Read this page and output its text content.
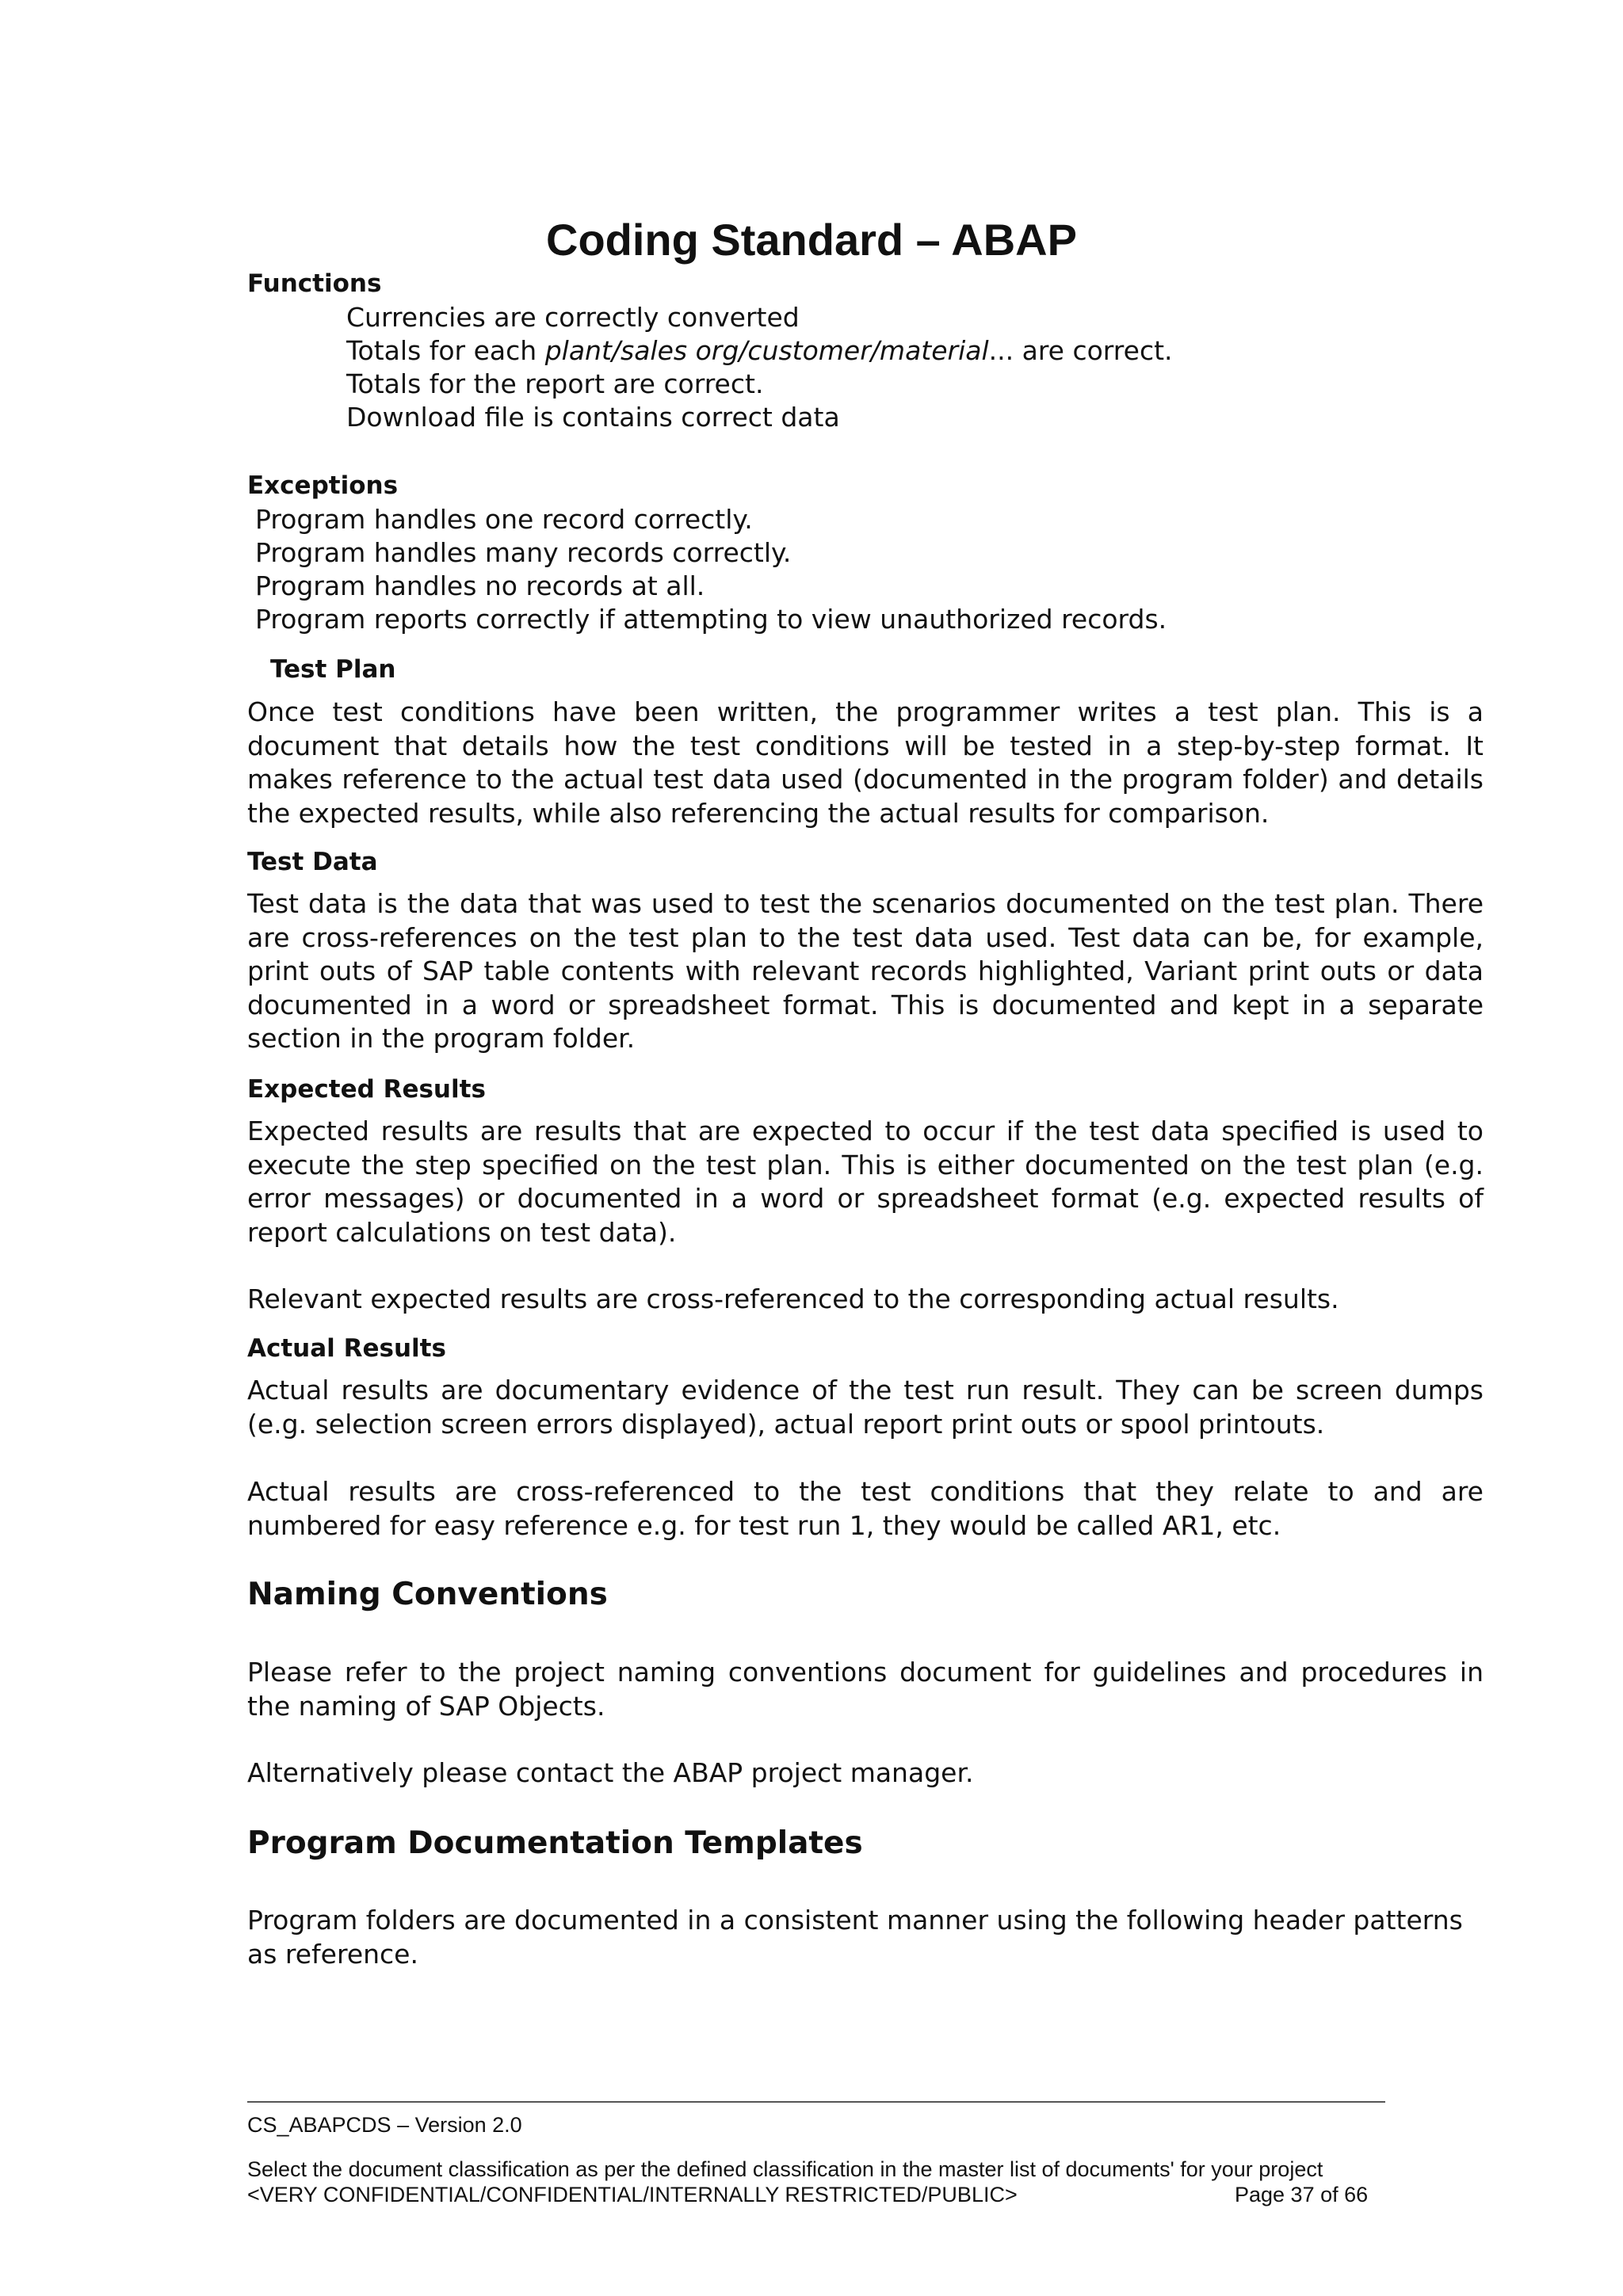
Coding Standard – ABAP
Functions
Currencies are correctly converted
Totals for each plant/sales org/customer/material... are correct.
Totals for the report are correct.
Download file is contains correct data
Exceptions
Program handles one record correctly.
Program handles many records correctly.
Program handles no records at all.
Program reports correctly if attempting to view unauthorized records.
Test Plan
Once test conditions have been written, the programmer writes a test plan. This is a document that details how the test conditions will be tested in a step-by-step format. It makes reference to the actual test data used (documented in the program folder) and details the expected results, while also referencing the actual results for comparison.
Test Data
Test data is the data that was used to test the scenarios documented on the test plan. There are cross-references on the test plan to the test data used. Test data can be, for example, print outs of SAP table contents with relevant records highlighted, Variant print outs or data documented in a word or spreadsheet format. This is documented and kept in a separate section in the program folder.
Expected Results
Expected results are results that are expected to occur if the test data specified is used to execute the step specified on the test plan. This is either documented on the test plan (e.g. error messages) or documented in a word or spreadsheet format (e.g. expected results of report calculations on test data).
Relevant expected results are cross-referenced to the corresponding actual results.
Actual Results
Actual results are documentary evidence of the test run result. They can be screen dumps (e.g. selection screen errors displayed), actual report print outs or spool printouts.
Actual results are cross-referenced to the test conditions that they relate to and are numbered for easy reference e.g. for test run 1, they would be called AR1, etc.
Naming Conventions
Please refer to the project naming conventions document for guidelines and procedures in the naming of SAP Objects.
Alternatively please contact the ABAP project manager.
Program Documentation Templates
Program folders are documented in a consistent manner using the following header patterns as reference.
CS_ABAPCDS – Version 2.0
Select the document classification as per the defined classification in the master list of documents' for your project
<VERY CONFIDENTIAL/CONFIDENTIAL/INTERNALLY RESTRICTED/PUBLIC>	Page 37 of 66
